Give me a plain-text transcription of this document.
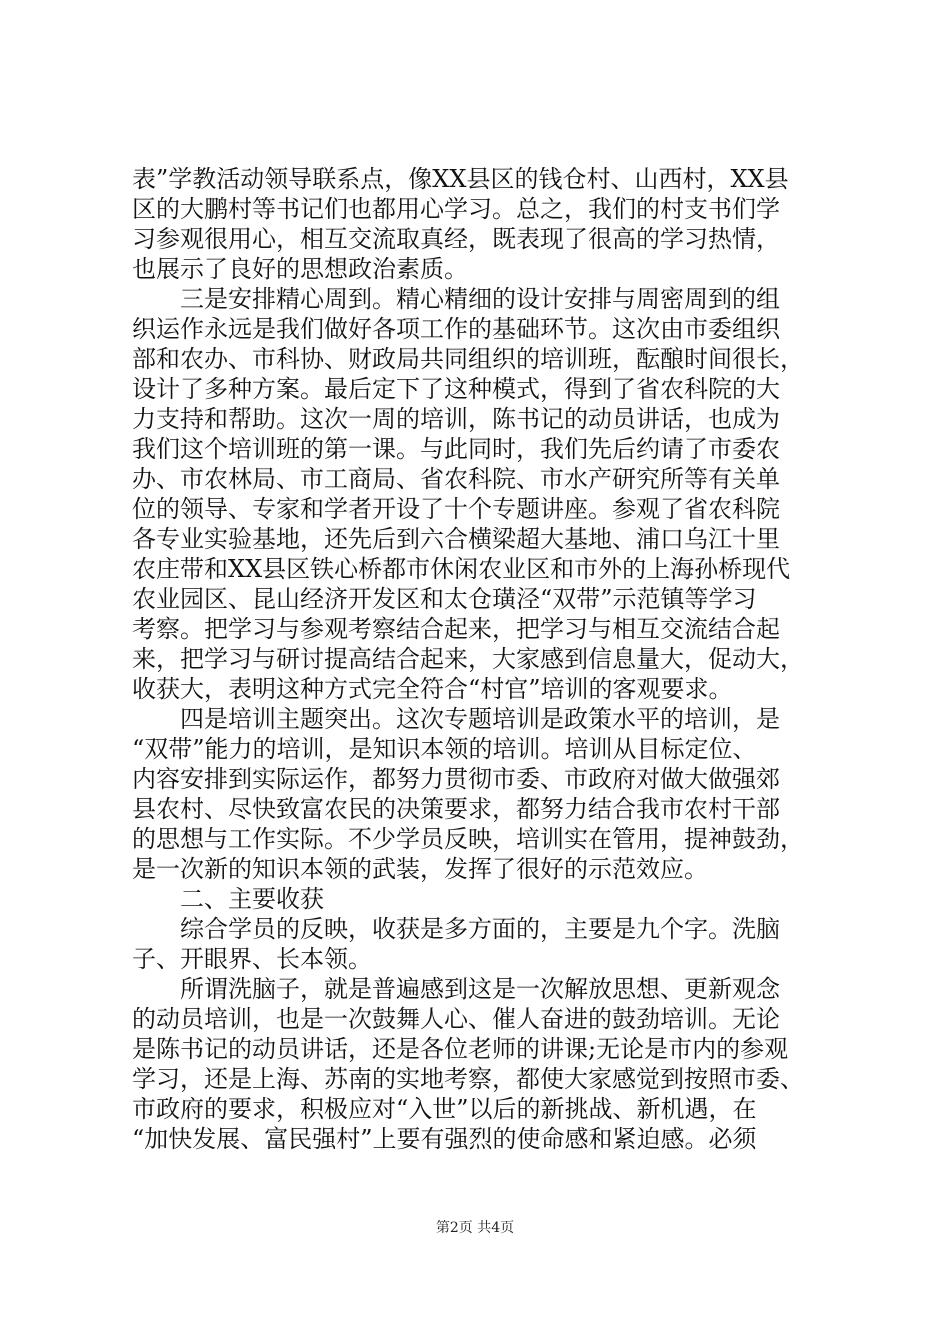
表”学教活动领导联系点，像XX县区的钱仓村、山西村，XX县
区的大鹏村等书记们也都用心学习。总之，我们的村支书们学
习参观很用心，相互交流取真经，既表现了很高的学习热情，
也展示了良好的思想政治素质。
　　三是安排精心周到。精心精细的设计安排与周密周到的组
织运作永远是我们做好各项工作的基础环节。这次由市委组织
部和农办、市科协、财政局共同组织的培训班，酝酿时间很长，
设计了多种方案。最后定下了这种模式，得到了省农科院的大
力支持和帮助。这次一周的培训，陈书记的动员讲话，也成为
我们这个培训班的第一课。与此同时，我们先后约请了市委农
办、市农林局、市工商局、省农科院、市水产研究所等有关单
位的领导、专家和学者开设了十个专题讲座。参观了省农科院
各专业实验基地，还先后到六合横梁超大基地、浦口乌江十里
农庄带和XX县区铁心桥都市休闲农业区和市外的上海孙桥现代
农业园区、昆山经济开发区和太仓璜泾“双带”示范镇等学习
考察。把学习与参观考察结合起来，把学习与相互交流结合起
来，把学习与研讨提高结合起来，大家感到信息量大，促动大，
收获大，表明这种方式完全符合“村官”培训的客观要求。
　　四是培训主题突出。这次专题培训是政策水平的培训，是
“双带”能力的培训，是知识本领的培训。培训从目标定位、
内容安排到实际运作，都努力贯彻市委、市政府对做大做强郊
县农村、尽快致富农民的决策要求，都努力结合我市农村干部
的思想与工作实际。不少学员反映，培训实在管用，提神鼓劲，
是一次新的知识本领的武装，发挥了很好的示范效应。
　　二、主要收获
　　综合学员的反映，收获是多方面的，主要是九个字。洗脑
子、开眼界、长本领。
　　所谓洗脑子，就是普遍感到这是一次解放思想、更新观念
的动员培训，也是一次鼓舞人心、催人奋进的鼓劲培训。无论
是陈书记的动员讲话，还是各位老师的讲课;无论是市内的参观
学习，还是上海、苏南的实地考察，都使大家感觉到按照市委、
市政府的要求，积极应对“入世”以后的新挑战、新机遇，在
“加快发展、富民强村”上要有强烈的使命感和紧迫感。必须
第2页 共4页
